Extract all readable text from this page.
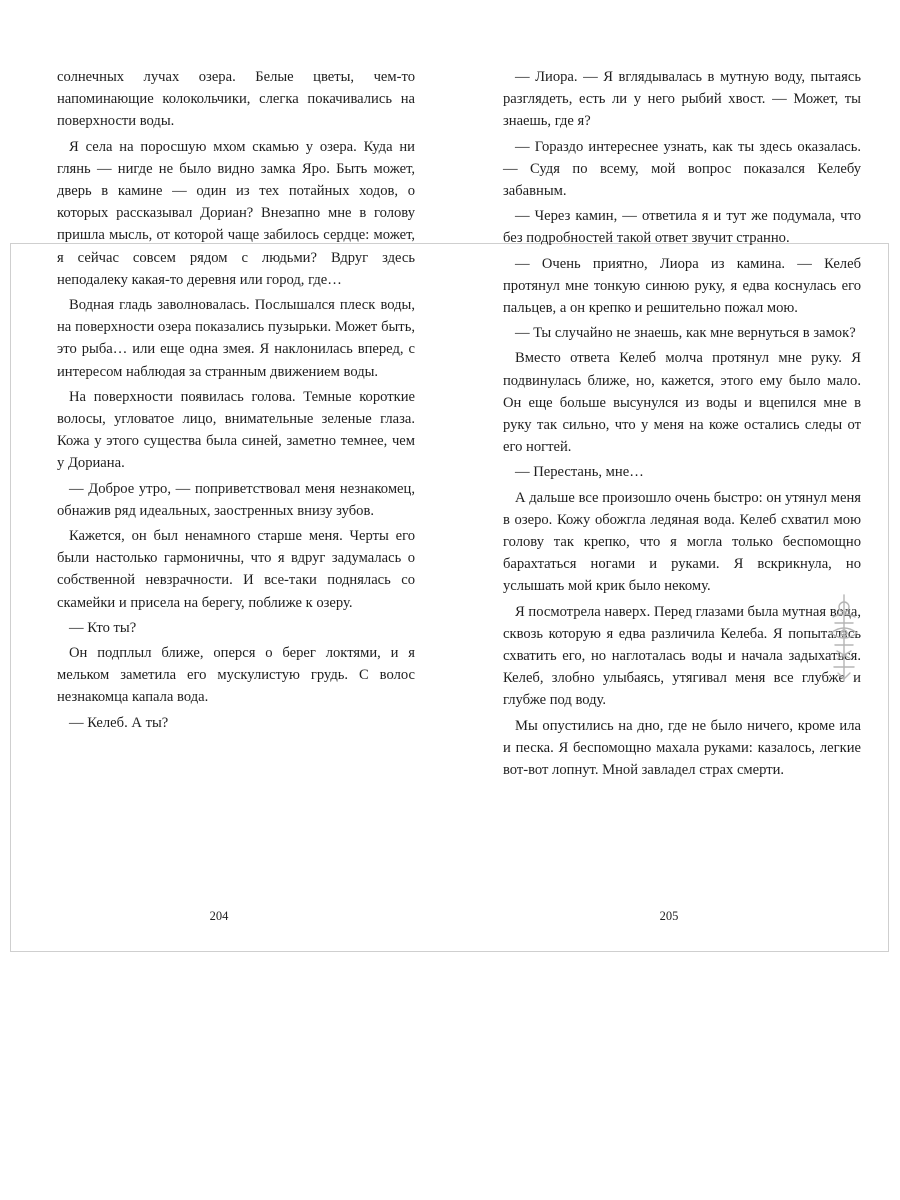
солнечных лучах озера. Белые цветы, чем-то напоминающие колокольчики, слегка покачивались на поверхности воды.

Я села на поросшую мхом скамью у озера. Куда ни глянь — нигде не было видно замка Яро. Быть может, дверь в камине — один из тех потайных ходов, о которых рассказывал Дориан? Внезапно мне в голову пришла мысль, от которой чаще забилось сердце: может, я сейчас совсем рядом с людьми? Вдруг здесь неподалеку какая-то деревня или город, где…

Водная гладь заволновалась. Послышался плеск воды, на поверхности озера показались пузырьки. Может быть, это рыба… или еще одна змея. Я наклонилась вперед, с интересом наблюдая за странным движением воды.

На поверхности появилась голова. Темные короткие волосы, угловатое лицо, внимательные зеленые глаза. Кожа у этого существа была синей, заметно темнее, чем у Дориана.

— Доброе утро, — поприветствовал меня незнакомец, обнажив ряд идеальных, заостренных внизу зубов.

Кажется, он был ненамного старше меня. Черты его были настолько гармоничны, что я вдруг задумалась о собственной невзрачности. И все-таки поднялась со скамейки и присела на берегу, поближе к озеру.

— Кто ты?

Он подплыл ближе, оперся о берег локтями, и я мельком заметила его мускулистую грудь. С волос незнакомца капала вода.

— Келеб. А ты?

— Лиора. — Я вглядывалась в мутную воду, пытаясь разглядеть, есть ли у него рыбий хвост. — Может, ты знаешь, где я?

— Гораздо интереснее узнать, как ты здесь оказалась. — Судя по всему, мой вопрос показался Келебу забавным.

— Через камин, — ответила я и тут же подумала, что без подробностей такой ответ звучит странно.

— Очень приятно, Лиора из камина. — Келеб протянул мне тонкую синюю руку, я едва коснулась его пальцев, а он крепко и решительно пожал мою.

— Ты случайно не знаешь, как мне вернуться в замок?

Вместо ответа Келеб молча протянул мне руку. Я подвинулась ближе, но, кажется, этого ему было мало. Он еще больше высунулся из воды и вцепился мне в руку так сильно, что у меня на коже остались следы от его ногтей.

— Перестань, мне…

А дальше все произошло очень быстро: он утянул меня в озеро. Кожу обожгла ледяная вода. Келеб схватил мою голову так крепко, что я могла только беспомощно барахтаться ногами и руками. Я вскрикнула, но услышать мой крик было некому.

Я посмотрела наверх. Перед глазами была мутная вода, сквозь которую я едва различила Келеба. Я попыталась схватить его, но наглоталась воды и начала задыхаться. Келеб, злобно улыбаясь, утягивал меня все глубже и глубже под воду.

Мы опустились на дно, где не было ничего, кроме ила и песка. Я беспомощно махала руками: казалось, легкие вот-вот лопнут. Мной завладел страх смерти.

204	205
